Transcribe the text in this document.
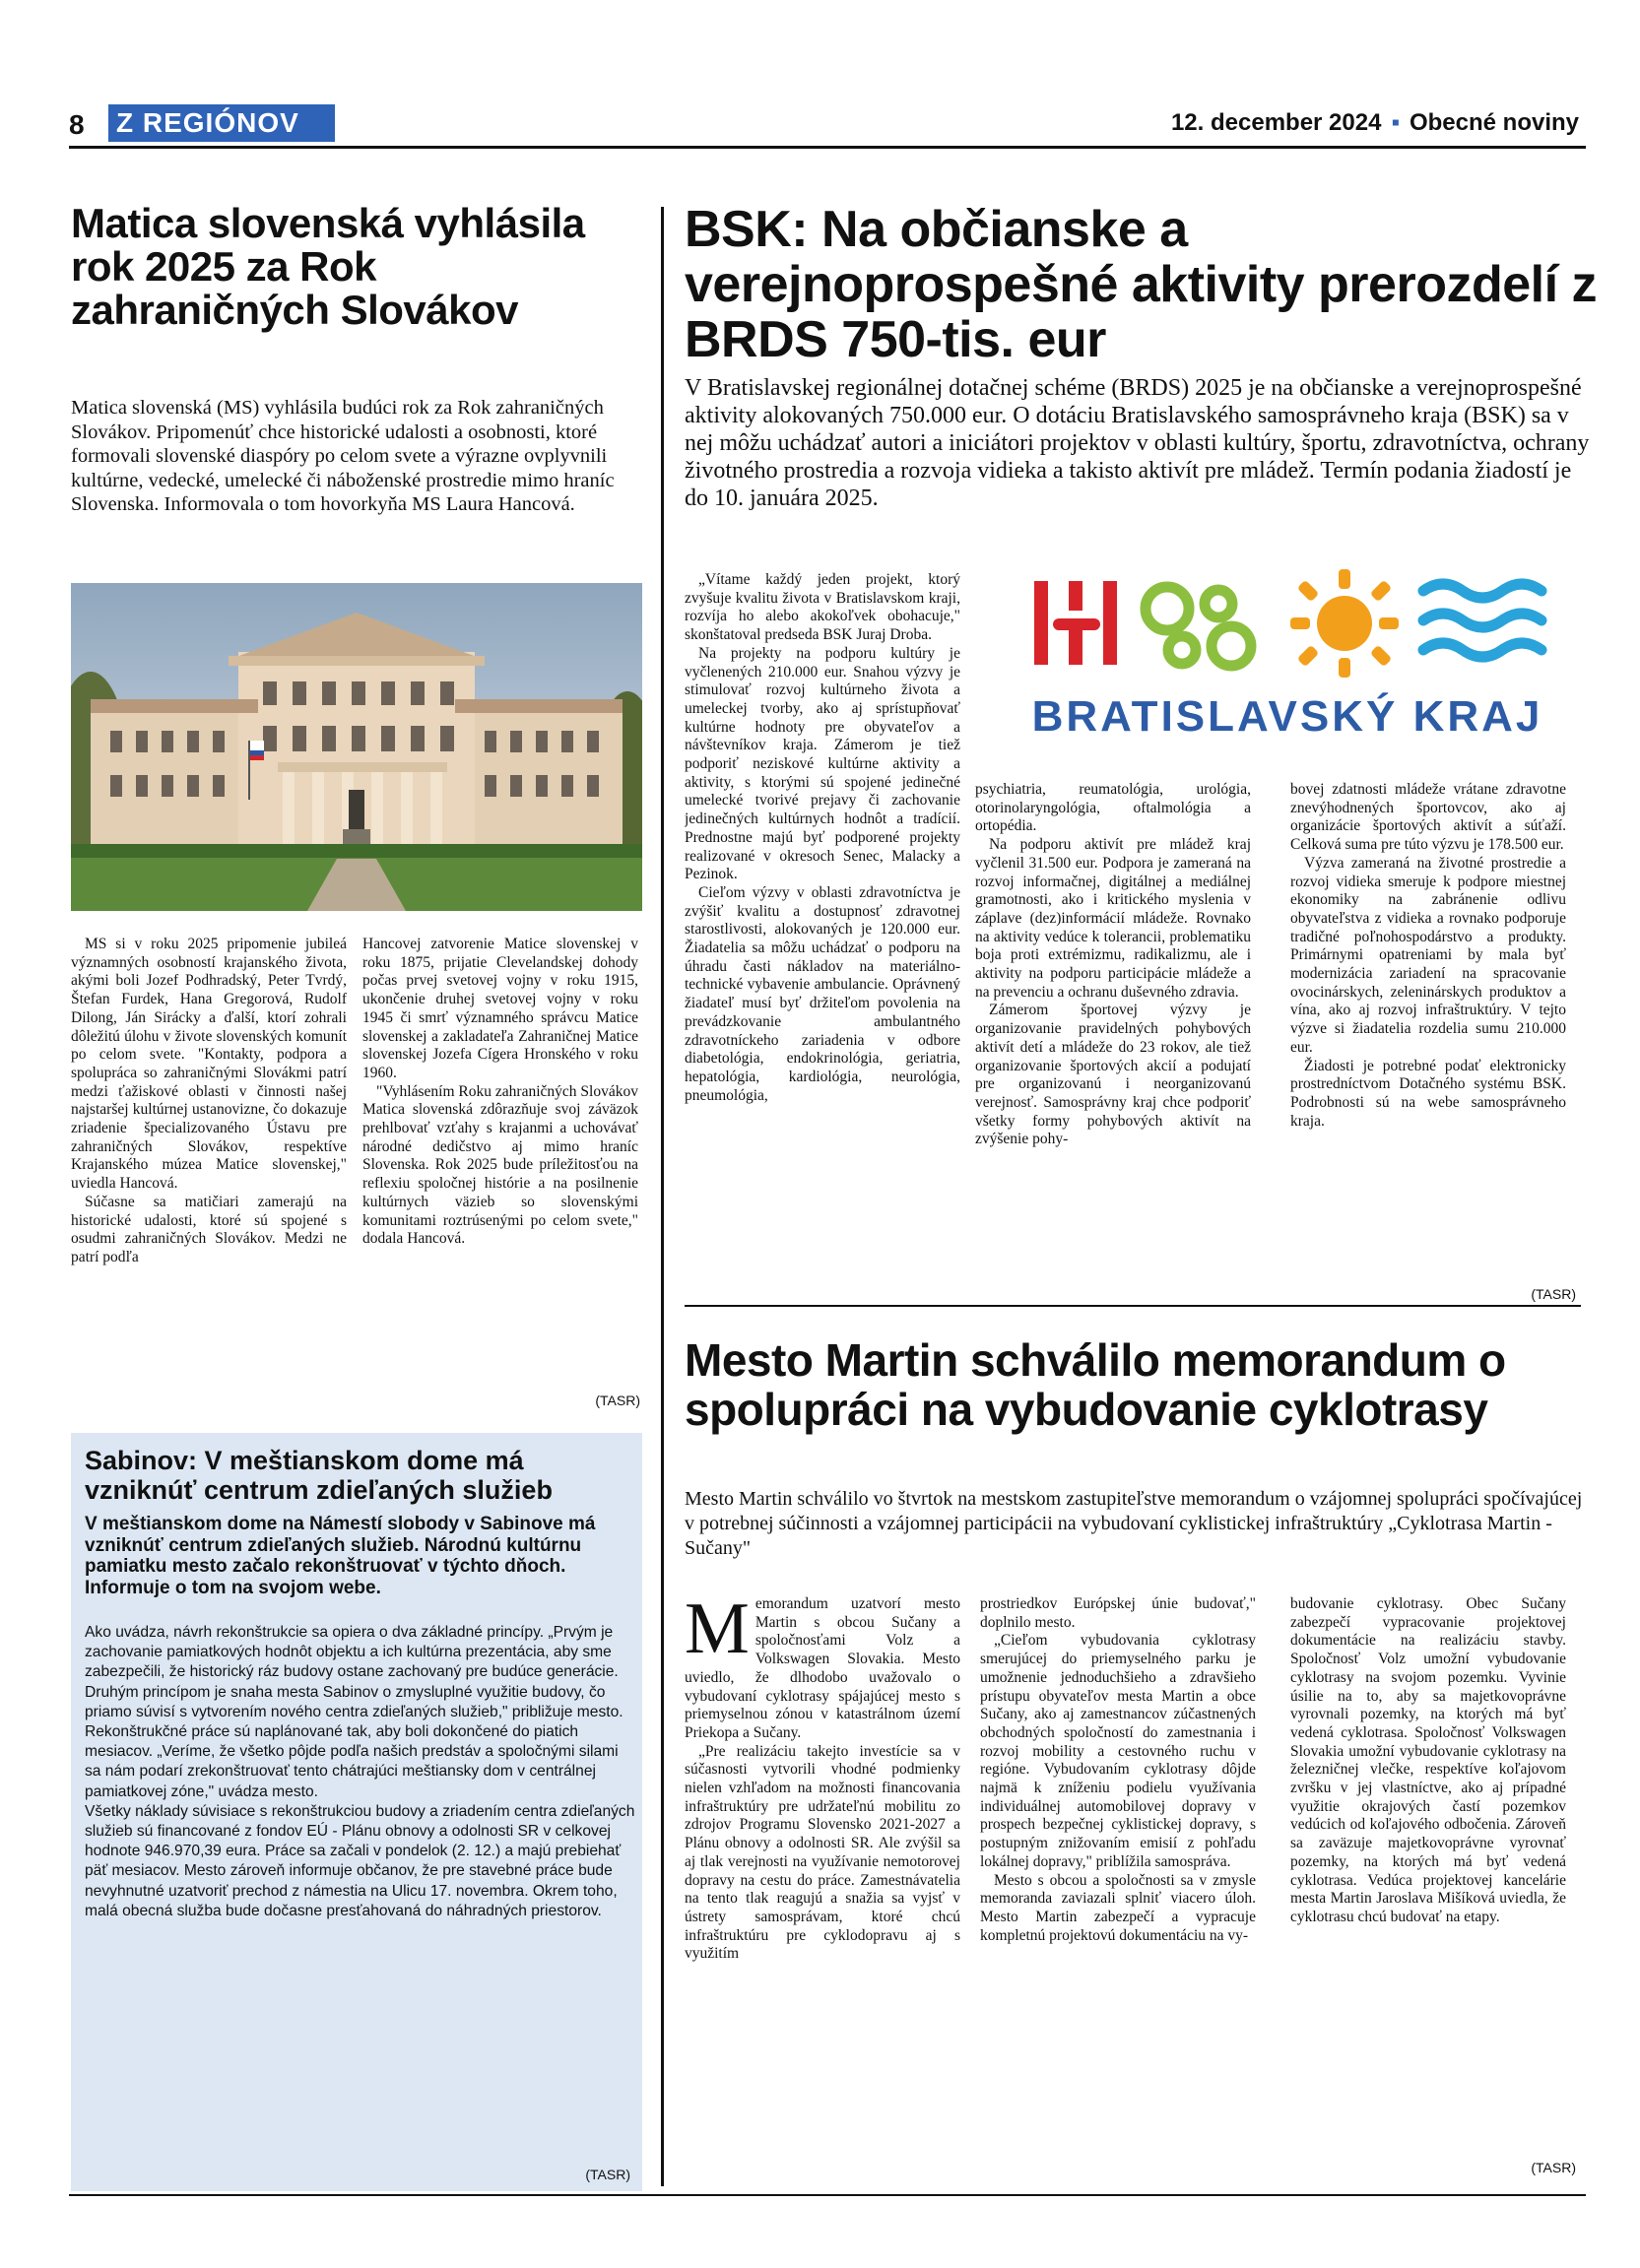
8 Z REGIÓNOV	12. december 2024 ▪ Obecné noviny
Matica slovenská vyhlásila rok 2025 za Rok zahraničných Slovákov
Matica slovenská (MS) vyhlásila budúci rok za Rok zahraničných Slovákov. Pripomenúť chce historické udalosti a osobnosti, ktoré formovali slovenské diaspóry po celom svete a výrazne ovplyvnili kultúrne, vedecké, umelecké či náboženské prostredie mimo hraníc Slovenska. Informovala o tom hovorkyňa MS Laura Hancová.

MS si v roku 2025 pripomenie jubileá významných osobností krajanského života, akými boli Jozef Podhradský, Peter Tvrdý, Štefan Furdek, Hana Gregorová, Rudolf Dilong, Ján Sirácky a ďalší, ktorí zohrali dôležitú úlohu v živote slovenských komunít po celom svete. "Kontakty, podpora a spolupráca so zahraničnými Slovákmi patrí medzi ťažiskové oblasti v činnosti našej najstaršej kultúrnej ustanovizne, čo dokazuje zriadenie špecializovaného Ústavu pre zahraničných Slovákov, respektíve Krajanského múzea Matice slovenskej," uviedla Hancová.

Súčasne sa matičiari zamerajú na historické udalosti, ktoré sú spojené s osudmi zahraničných Slovákov. Medzi ne patrí podľa

Hancovej zatvorenie Matice slovenskej v roku 1875, prijatie Clevelandskej dohody počas prvej svetovej vojny v roku 1915, ukončenie druhej svetovej vojny v roku 1945 či smrť významného správcu Matice slovenskej a zakladateľa Zahraničnej Matice slovenskej Jozefa Cígera Hronského v roku 1960.

"Vyhlásením Roku zahraničných Slovákov Matica slovenská zdôrazňuje svoj záväzok prehlbovať vzťahy s krajanmi a uchovávať národné dedičstvo aj mimo hraníc Slovenska. Rok 2025 bude príležitosťou na reflexiu spoločnej histórie a na posilnenie kultúrnych väzieb so slovenskými komunitami roztrúsenými po celom svete," dodala Hancová.

(TASR)
BSK: Na občianske a verejnoprospešné aktivity prerozdelí z BRDS 750-tis. eur
V Bratislavskej regionálnej dotačnej schéme (BRDS) 2025 je na občianske a verejnoprospešné aktivity alokovaných 750.000 eur. O dotáciu Bratislavského samosprávneho kraja (BSK) sa v nej môžu uchádzať autori a iniciátori projektov v oblasti kultúry, športu, zdravotníctva, ochrany životného prostredia a rozvoja vidieka a takisto aktivít pre mládež. Termín podania žiadostí je do 10. januára 2025.
BRATISLAVSKÝ KRAJ

„Vítame každý jeden projekt, ktorý zvyšuje kvalitu života v Bratislavskom kraji, rozvíja ho alebo akokoľvek obohacuje," skonštatoval predseda BSK Juraj Droba.

Na projekty na podporu kultúry je vyčlenených 210.000 eur. Snahou výzvy je stimulovať rozvoj kultúrneho života a umeleckej tvorby, ako aj sprístupňovať kultúrne hodnoty pre obyvateľov a návštevníkov kraja. Zámerom je tiež podporiť neziskové kultúrne aktivity a aktivity, s ktorými sú spojené jedinečné umelecké tvorivé prejavy či zachovanie jedinečných kultúrnych hodnôt a tradícií. Prednostne majú byť podporené projekty realizované v okresoch Senec, Malacky a Pezinok.

Cieľom výzvy v oblasti zdravotníctva je zvýšiť kvalitu a dostupnosť zdravotnej starostlivosti, alokovaných je 120.000 eur. Žiadatelia sa môžu uchádzať o podporu na úhradu časti nákladov na materiálno-technické vybavenie ambulancie. Oprávnený žiadateľ musí byť držiteľom povolenia na prevádzkovanie ambulantného zdravotníckeho zariadenia v odbore diabetológia, endokrinológia, geriatria, hepatológia, kardiológia, neurológia, pneumológia,

psychiatria, reumatológia, urológia, otorinolaryngológia, oftalmológia a ortopédia.

Na podporu aktivít pre mládež kraj vyčlenil 31.500 eur. Podpora je zameraná na rozvoj informačnej, digitálnej a mediálnej gramotnosti, ako i kritického myslenia v záplave (dez)informácií mládeže. Rovnako na aktivity vedúce k tolerancii, problematiku boja proti extrémizmu, radikalizmu, ale i aktivity na podporu participácie mládeže a na prevenciu a ochranu duševného zdravia.

Zámerom športovej výzvy je organizovanie pravidelných pohybových aktivít detí a mládeže do 23 rokov, ale tiež organizovanie športových akcií a podujatí pre organizovanú i neorganizovanú verejnosť. Samosprávny kraj chce podporiť všetky formy pohybových aktivít na zvýšenie pohy-

bovej zdatnosti mládeže vrátane zdravotne znevýhodnených športovcov, ako aj organizácie športových aktivít a súťaží. Celková suma pre túto výzvu je 178.500 eur.

Výzva zameraná na životné prostredie a rozvoj vidieka smeruje k podpore miestnej ekonomiky na zabránenie odlivu obyvateľstva z vidieka a rovnako podporuje tradičné poľnohospodárstvo a produkty. Primárnymi opatreniami by mala byť modernizácia zariadení na spracovanie ovocinárskych, zeleninárskych produktov a vína, ako aj rozvoj infraštruktúry. V tejto výzve si žiadatelia rozdelia sumu 210.000 eur.

Žiadosti je potrebné podať elektronicky prostredníctvom Dotačného systému BSK. Podrobnosti sú na webe samosprávneho kraja.

(TASR)
Sabinov: V meštianskom dome má vzniknúť centrum zdieľaných služieb
V meštianskom dome na Námestí slobody v Sabinove má vzniknúť centrum zdieľaných služieb. Národnú kultúrnu pamiatku mesto začalo rekonštruovať v týchto dňoch. Informuje o tom na svojom webe.

Ako uvádza, návrh rekonštrukcie sa opiera o dva základné princípy. „Prvým je zachovanie pamiatkových hodnôt objektu a ich kultúrna prezentácia, aby sme zabezpečili, že historický ráz budovy ostane zachovaný pre budúce generácie. Druhým princípom je snaha mesta Sabinov o zmysluplné využitie budovy, čo priamo súvisí s vytvorením nového centra zdieľaných služieb," približuje mesto.

Rekonštrukčné práce sú naplánované tak, aby boli dokončené do piatich mesiacov. „Veríme, že všetko pôjde podľa našich predstáv a spoločnými silami sa nám podarí zrekonštruovať tento chátrajúci meštiansky dom v centrálnej pamiatkovej zóne," uvádza mesto.

Všetky náklady súvisiace s rekonštrukciou budovy a zriadením centra zdieľaných služieb sú financované z fondov EÚ - Plánu obnovy a odolnosti SR v celkovej hodnote 946.970,39 eura. Práce sa začali v pondelok (2. 12.) a majú prebiehať päť mesiacov. Mesto zároveň informuje občanov, že pre stavebné práce bude nevyhnutné uzatvoriť prechod z námestia na Ulicu 17. novembra. Okrem toho, malá obecná služba bude dočasne presťahovaná do náhradných priestorov.

(TASR)
Mesto Martin schválilo memorandum o spolupráci na vybudovanie cyklotrasy
Mesto Martin schválilo vo štvrtok na mestskom zastupiteľstve memorandum o vzájomnej spolupráci spočívajúcej v potrebnej súčinnosti a vzájomnej participácii na vybudovaní cyklistickej infraštruktúry „Cyklotrasa Martin - Sučany"

Memorandum uzatvorí mesto Martin s obcou Sučany a spoločnosťami Volz a Volkswagen Slovakia. Mesto uviedlo, že dlhodobo uvažovalo o vybudovaní cyklotrasy spájajúcej mesto s priemyselnou zónou v katastrálnom území Priekopa a Sučany.

„Pre realizáciu takejto investície sa v súčasnosti vytvorili vhodné podmienky nielen vzhľadom na možnosti financovania infraštruktúry pre udržateľnú mobilitu zo zdrojov Programu Slovensko 2021-2027 a Plánu obnovy a odolnosti SR. Ale zvýšil sa aj tlak verejnosti na využívanie nemotorovej dopravy na cestu do práce. Zamestnávatelia na tento tlak reagujú a snažia sa vyjsť v ústrety samosprávam, ktoré chcú infraštruktúru pre cyklodopravu aj s využitím

prostriedkov Európskej únie budovať," doplnilo mesto.

„Cieľom vybudovania cyklotrasy smerujúcej do priemyselného parku je umožnenie jednoduchšieho a zdravšieho prístupu obyvateľov mesta Martin a obce Sučany, ako aj zamestnancov zúčastnených obchodných spoločností do zamestnania i rozvoj mobility a cestovného ruchu v regióne. Vybudovaním cyklotrasy dôjde najmä k zníženiu podielu využívania individuálnej automobilovej dopravy v prospech bezpečnej cyklistickej dopravy, s postupným znižovaním emisií z pohľadu lokálnej dopravy," priblížila samospráva.

Mesto s obcou a spoločnosti sa v zmysle memoranda zaviazali splniť viacero úloh. Mesto Martin zabezpečí a vypracuje kompletnú projektovú dokumentáciu na vy-

budovanie cyklotrasy. Obec Sučany zabezpečí vypracovanie projektovej dokumentácie na realizáciu stavby. Spoločnosť Volz umožní vybudovanie cyklotrasy na svojom pozemku. Vyvinie úsilie na to, aby sa majetkovoprávne vyrovnali pozemky, na ktorých má byť vedená cyklotrasa. Spoločnosť Volkswagen Slovakia umožní vybudovanie cyklotrasy na železničnej vlečke, respektíve koľajovom zvršku v jej vlastníctve, ako aj prípadné využitie okrajových častí pozemkov vedúcich od koľajového odbočenia. Zároveň sa zaväzuje majetkovoprávne vyrovnať pozemky, na ktorých má byť vedená cyklotrasa. Vedúca projektovej kancelárie mesta Martin Jaroslava Mišíková uviedla, že cyklotrasu chcú budovať na etapy.

(TASR)
